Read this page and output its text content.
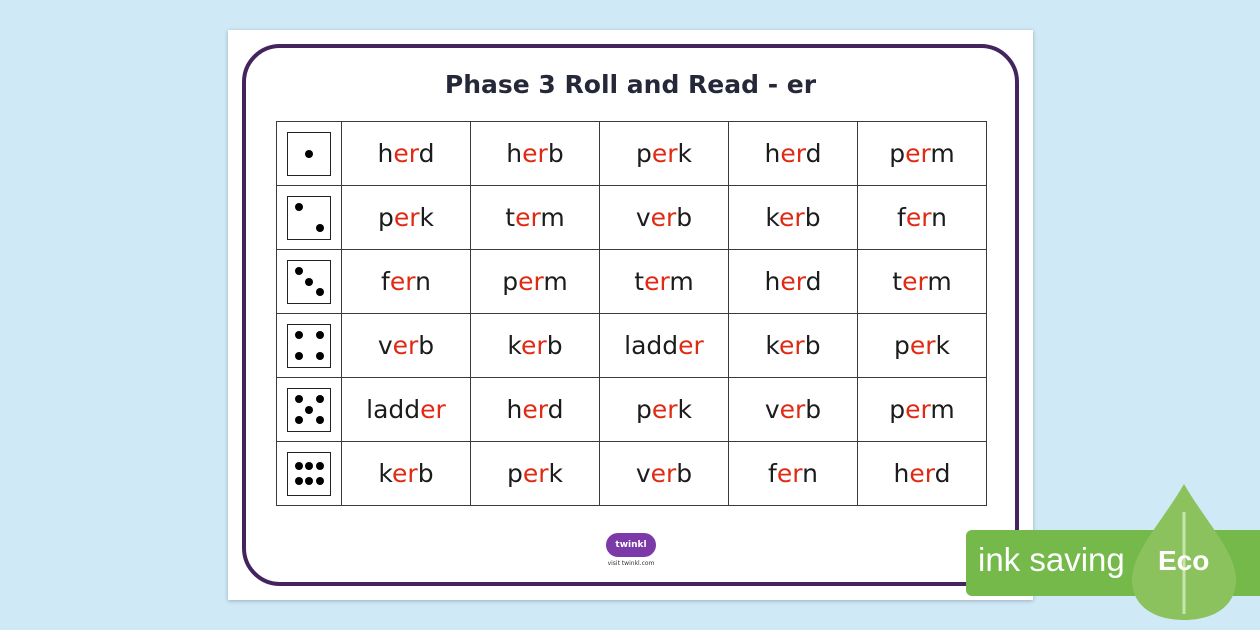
Phase 3 Roll and Read - er
	herd	herb	perk	herd	perm

	perk	term	verb	kerb	fern

	fern	perm	term	herd	term

	verb	kerb	ladder	kerb	perk

	ladder	herd	perk	verb	perm

	kerb	perk	verb	fern	herd
twinkl
visit twinkl.com	ink saving Eco
